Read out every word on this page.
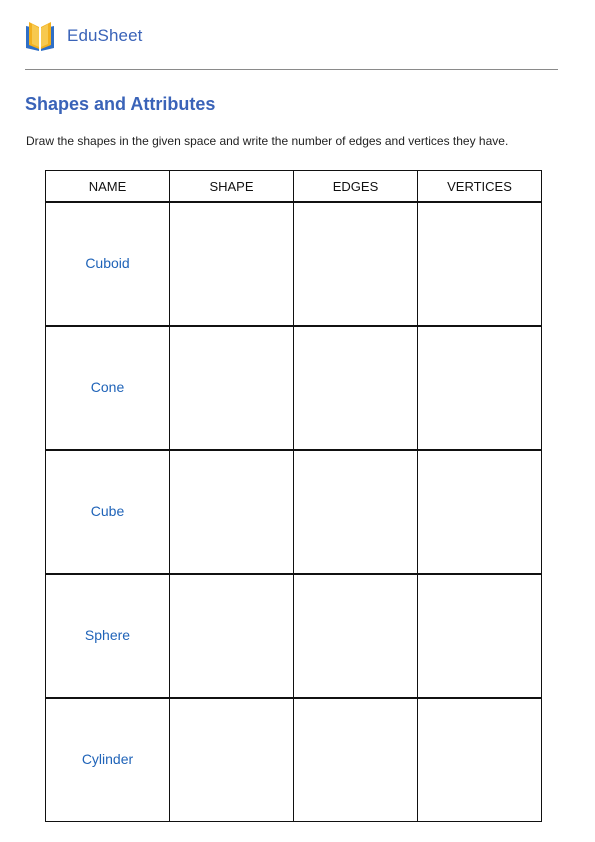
EduSheet
Shapes and Attributes

Draw the shapes in the given space and write the number of edges and vertices they have.

NAME	SHAPE	EDGES	VERTICES
Cuboid			
Cone			
Cube			
Sphere			
Cylinder			
